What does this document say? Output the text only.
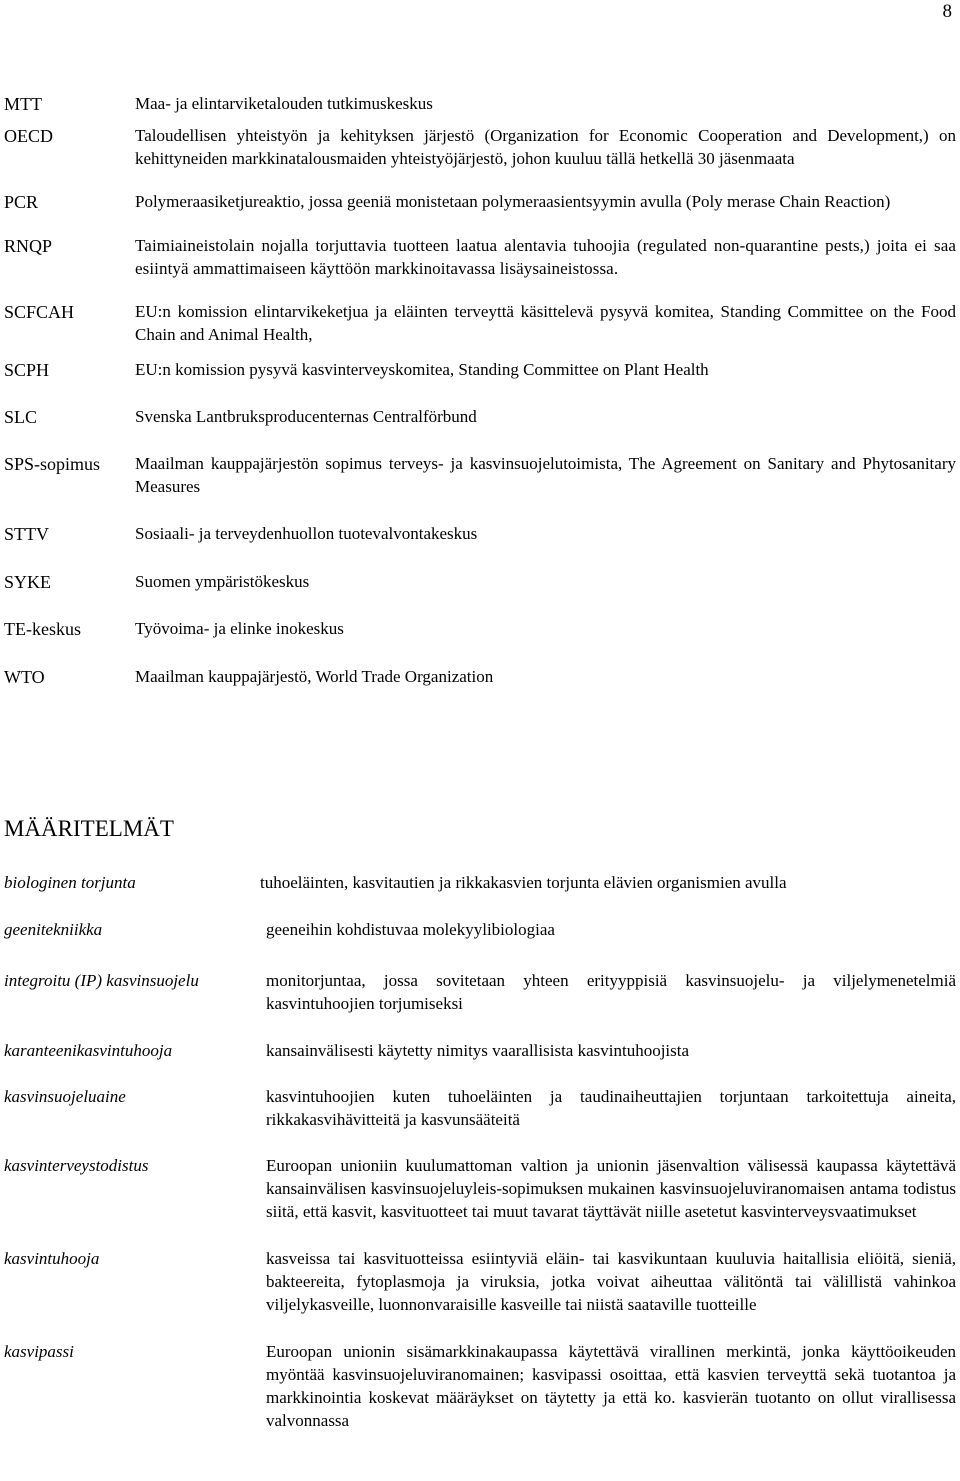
8
MTT	Maa- ja elintarviketalouden tutkimuskeskus
OECD	Taloudellisen yhteistyön ja kehityksen järjestö (Organization for Economic Cooperation and Development,) on kehittyneiden markkinatalousmaiden yhteistyöjärjestö, johon kuuluu tällä hetkellä 30 jäsenmaata
PCR	Polymeraasiketjureaktio, jossa geeniä monistetaan polymeraasientsyymin avulla (Poly merase Chain Reaction)
RNQP	Taimiaineistolain nojalla torjuttavia tuotteen laatua alentavia tuhoojia (regulated non-quarantine pests,) joita ei saa esiintyä ammattimaiseen käyttöön markkinoitavassa lisäysaineistossa.
SCFCAH	EU:n komission elintarvikeketjua ja eläinten terveyttä käsittelevä pysyvä komitea, Standing Committee on the Food Chain and Animal Health,
SCPH	EU:n komission pysyvä kasvinterveyskomitea, Standing Committee on Plant Health
SLC	Svenska Lantbruksproducenternas Centralförbund
SPS-sopimus	Maailman kauppajärjestön sopimus terveys- ja kasvinsuojelutoimista, The Agreement on Sanitary and Phytosanitary Measures
STTV	Sosiaali- ja terveydenhuollon tuotevalvontakeskus
SYKE	Suomen ympäristökeskus
TE-keskus	Työvoima- ja elinke inokeskus
WTO	Maailman kauppajärjestö, World Trade Organization
MÄÄRITELMÄT
biologinen torjunta	tuhoeläinten, kasvitautien ja rikkakasvien torjunta elävien organismien avulla
geenitekniikka	geeneihin kohdistuvaa molekyylibiologiaa
integroitu (IP) kasvinsuojelu	monitorjuntaa, jossa sovitetaan yhteen erityyppisiä kasvinsuojelu- ja viljelymenetelmiä kasvintuhoojien torjumiseksi
karanteenikasvintuhooja	kansainvälisesti käytetty nimitys vaarallisista kasvintuhoojista
kasvinsuojeluaine	kasvintuhoojien kuten tuhoeläinten ja taudinaiheuttajien torjuntaan tarkoitettuja aineita, rikkakasvihävitteitä ja kasvunsääteitä
kasvinterveystodistus	Euroopan unioniin kuulumattoman valtion ja unionin jäsenvaltion välisessä kaupassa käytettävä kansainvälisen kasvinsuojeluyleis-sopimuksen mukainen kasvinsuojeluviranomaisen antama todistus siitä, että kasvit, kasvituotteet tai muut tavarat täyttävät niille asetetut kasvinterveysvaatimukset
kasvintuhooja	kasveissa tai kasvituotteissa esiintyviä eläin- tai kasvikuntaan kuuluvia haitallisia eliöitä, sieniä, bakteereita, fytoplasmoja ja viruksia, jotka voivat aiheuttaa välitöntä tai välillistä vahinkoa viljelykasveille, luonnonvaraisille kasveille tai niistä saataville tuotteille
kasvipassi	Euroopan unionin sisämarkkinakaupassa käytettävä virallinen merkintä, jonka käyttöoikeuden myöntää kasvinsuojeluviranomainen; kasvipassi osoittaa, että kasvien terveyttä sekä tuotantoa ja markkinointia koskevat määräykset on täytetty ja että ko. kasvierän tuotanto on ollut virallisessa valvonnassa
